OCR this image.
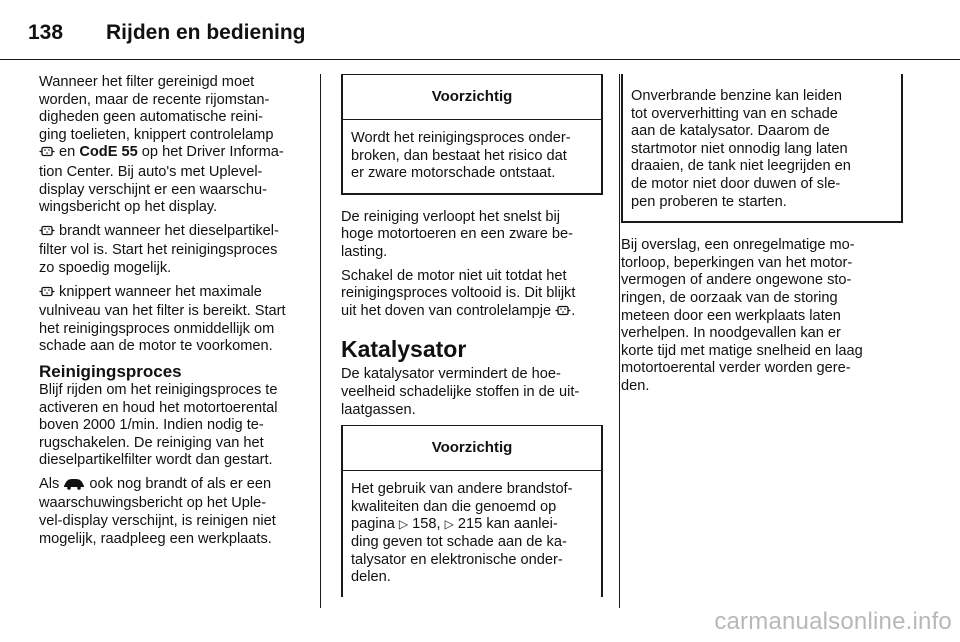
138	Rijden en bediening

Wanneer het filter gereinigd moet
worden, maar de recente rijomstan-
digheden geen automatische reini-
ging toelieten, knippert controlelamp
en CodE 55 op het Driver Informa-
tion Center. Bij auto's met Uplevel-
display verschijnt er een waarschu-
wingsbericht op het display.

brandt wanneer het dieselpartikel-
filter vol is. Start het reinigingsproces
zo spoedig mogelijk.

knippert wanneer het maximale
vulniveau van het filter is bereikt. Start
het reinigingsproces onmiddellijk om
schade aan de motor te voorkomen.

Reinigingsproces

Blijf rijden om het reinigingsproces te
activeren en houd het motortoerental
boven 2000 1/min. Indien nodig te-
rugschakelen. De reiniging van het
dieselpartikelfilter wordt dan gestart.

Als  ook nog brandt of als er een
waarschuwingsbericht op het Uple-
vel-display verschijnt, is reinigen niet
mogelijk, raadpleeg een werkplaats.

Voorzichtig
Wordt het reinigingsproces onder-
broken, dan bestaat het risico dat
er zware motorschade ontstaat.

De reiniging verloopt het snelst bij
hoge motortoeren en een zware be-
lasting.

Schakel de motor niet uit totdat het
reinigingsproces voltooid is. Dit blijkt
uit het doven van controlelampje .

Katalysator

De katalysator vermindert de hoe-
veelheid schadelijke stoffen in de uit-
laatgassen.

Voorzichtig
Het gebruik van andere brandstof-
kwaliteiten dan die genoemd op
pagina ▷ 158, ▷ 215 kan aanlei-
ding geven tot schade aan de ka-
talysator en elektronische onder-
delen.
Onverbrande benzine kan leiden
tot oververhitting van en schade
aan de katalysator. Daarom de
startmotor niet onnodig lang laten
draaien, de tank niet leegrijden en
de motor niet door duwen of sle-
pen proberen te starten.

Bij overslag, een onregelmatige mo-
torloop, beperkingen van het motor-
vermogen of andere ongewone sto-
ringen, de oorzaak van de storing
meteen door een werkplaats laten
verhelpen. In noodgevallen kan er
korte tijd met matige snelheid en laag
motortoerental verder worden gere-
den.

carmanualsonline.info
